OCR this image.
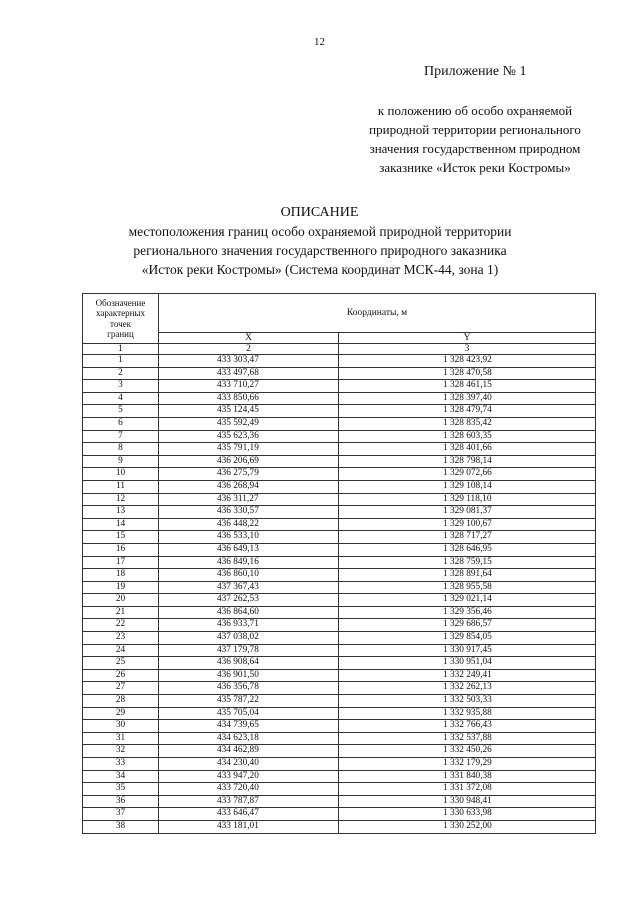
12
Приложение № 1
к положению об особо охраняемой
природной территории регионального
значения государственном природном
заказнике «Исток реки Костромы»
ОПИСАНИЕ
местоположения границ особо охраняемой природной территории
регионального значения государственного природного заказника
«Исток реки Костромы» (Система координат МСК-44, зона 1)
Обозначение
характерных
точек
границ	Координаты, м	
	X	Y
1	2	3
1	433 303,47	1 328 423,92
2	433 497,68	1 328 470,58
3	433 710,27	1 328 461,15
4	433 850,66	1 328 397,40
5	435 124,45	1 328 479,74
6	435 592,49	1 328 835,42
7	435 623,36	1 328 603,35
8	435 791,19	1 328 401,66
9	436 206,69	1 328 798,14
10	436 275,79	1 329 072,66
11	436 268,94	1 329 108,14
12	436 311,27	1 329 118,10
13	436 330,57	1 329 081,37
14	436 448,22	1 329 100,67
15	436 533,10	1 328 717,27
16	436 649,13	1 328 646,95
17	436 849,16	1 328 759,15
18	436 860,10	1 328 891,64
19	437 367,43	1 328 955,58
20	437 262,53	1 329 021,14
21	436 864,60	1 329 356,46
22	436 933,71	1 329 686,57
23	437 038,02	1 329 854,05
24	437 179,78	1 330 917,45
25	436 908,64	1 330 951,04
26	436 901,50	1 332 249,41
27	436 356,78	1 332 262,13
28	435 787,22	1 332 503,33
29	435 705,04	1 332 935,88
30	434 739,65	1 332 766,43
31	434 623,18	1 332 537,88
32	434 462,89	1 332 450,26
33	434 230,40	1 332 179,29
34	433 947,20	1 331 840,38
35	433 720,40	1 331 372,08
36	433 787,87	1 330 948,41
37	433 646,47	1 330 633,98
38	433 181,01	1 330 252,00
